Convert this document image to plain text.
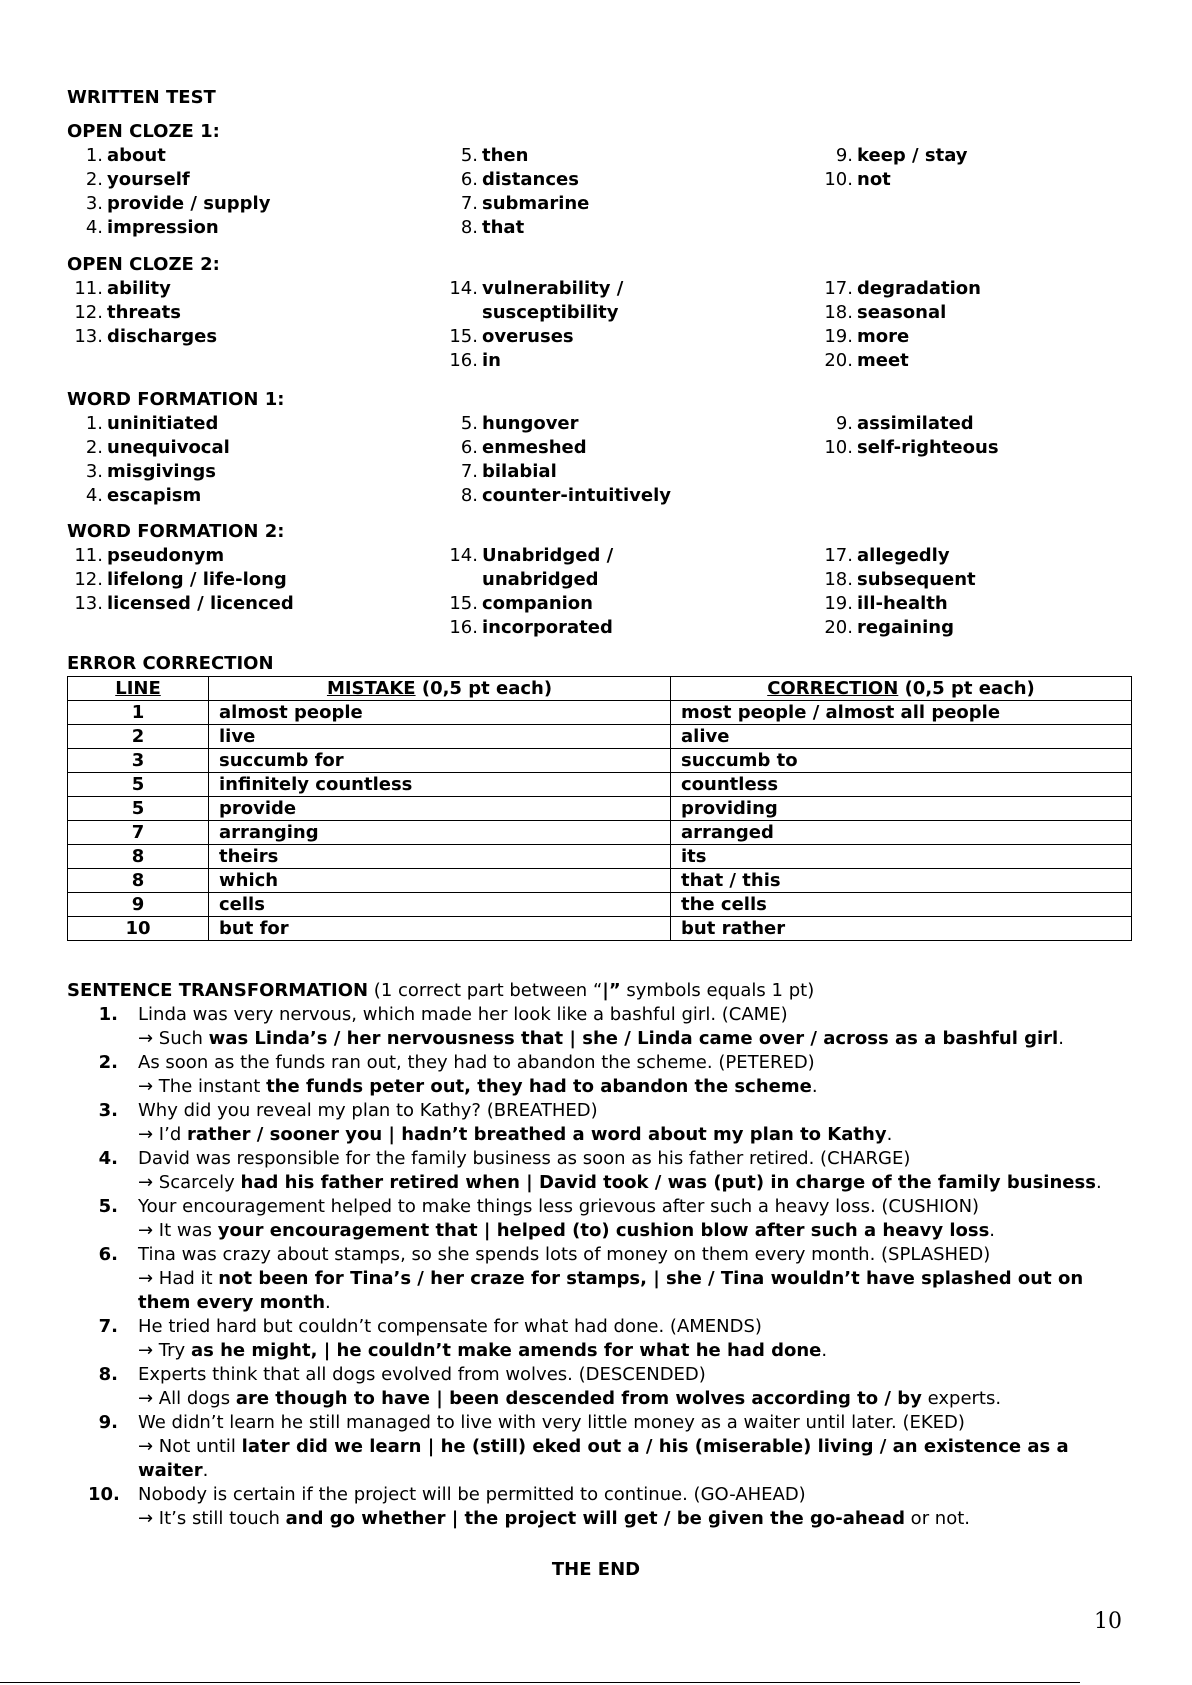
WRITTEN TEST
OPEN CLOZE 1:
1. about
2. yourself
3. provide / supply
4. impression
5. then
6. distances
7. submarine
8. that
9. keep / stay
10. not
OPEN CLOZE 2:
11. ability
12. threats
13. discharges
14. vulnerability /
susceptibility
15. overuses
16. in
17. degradation
18. seasonal
19. more
20. meet
WORD FORMATION 1:
1. uninitiated
2. unequivocal
3. misgivings
4. escapism
5. hungover
6. enmeshed
7. bilabial
8. counter-intuitively
9. assimilated
10. self-righteous
WORD FORMATION 2:
11. pseudonym
12. lifelong / life-long
13. licensed / licenced
14. Unabridged /
unabridged
15. companion
16. incorporated
17. allegedly
18. subsequent
19. ill-health
20. regaining
ERROR CORRECTION
LINE	MISTAKE (0,5 pt each)	CORRECTION (0,5 pt each)
1	almost people	most people / almost all people
2	live	alive
3	succumb for	succumb to
5	infinitely countless	countless
5	provide	providing
7	arranging	arranged
8	theirs	its
8	which	that / this
9	cells	the cells
10	but for	but rather
SENTENCE TRANSFORMATION (1 correct part between “|” symbols equals 1 pt)
1. Linda was very nervous, which made her look like a bashful girl. (CAME)
→ Such was Linda’s / her nervousness that | she / Linda came over / across as a bashful girl.
2. As soon as the funds ran out, they had to abandon the scheme. (PETERED)
→ The instant the funds peter out, they had to abandon the scheme.
3. Why did you reveal my plan to Kathy? (BREATHED)
→ I’d rather / sooner you | hadn’t breathed a word about my plan to Kathy.
4. David was responsible for the family business as soon as his father retired. (CHARGE)
→ Scarcely had his father retired when | David took / was (put) in charge of the family business.
5. Your encouragement helped to make things less grievous after such a heavy loss. (CUSHION)
→ It was your encouragement that | helped (to) cushion blow after such a heavy loss.
6. Tina was crazy about stamps, so she spends lots of money on them every month. (SPLASHED)
→ Had it not been for Tina’s / her craze for stamps, | she / Tina wouldn’t have splashed out on them every month.
7. He tried hard but couldn’t compensate for what had done. (AMENDS)
→ Try as he might, | he couldn’t make amends for what he had done.
8. Experts think that all dogs evolved from wolves. (DESCENDED)
→ All dogs are though to have | been descended from wolves according to / by experts.
9. We didn’t learn he still managed to live with very little money as a waiter until later. (EKED)
→ Not until later did we learn | he (still) eked out a / his (miserable) living / an existence as a waiter.
10. Nobody is certain if the project will be permitted to continue. (GO-AHEAD)
→ It’s still touch and go whether | the project will get / be given the go-ahead or not.
THE END
10
